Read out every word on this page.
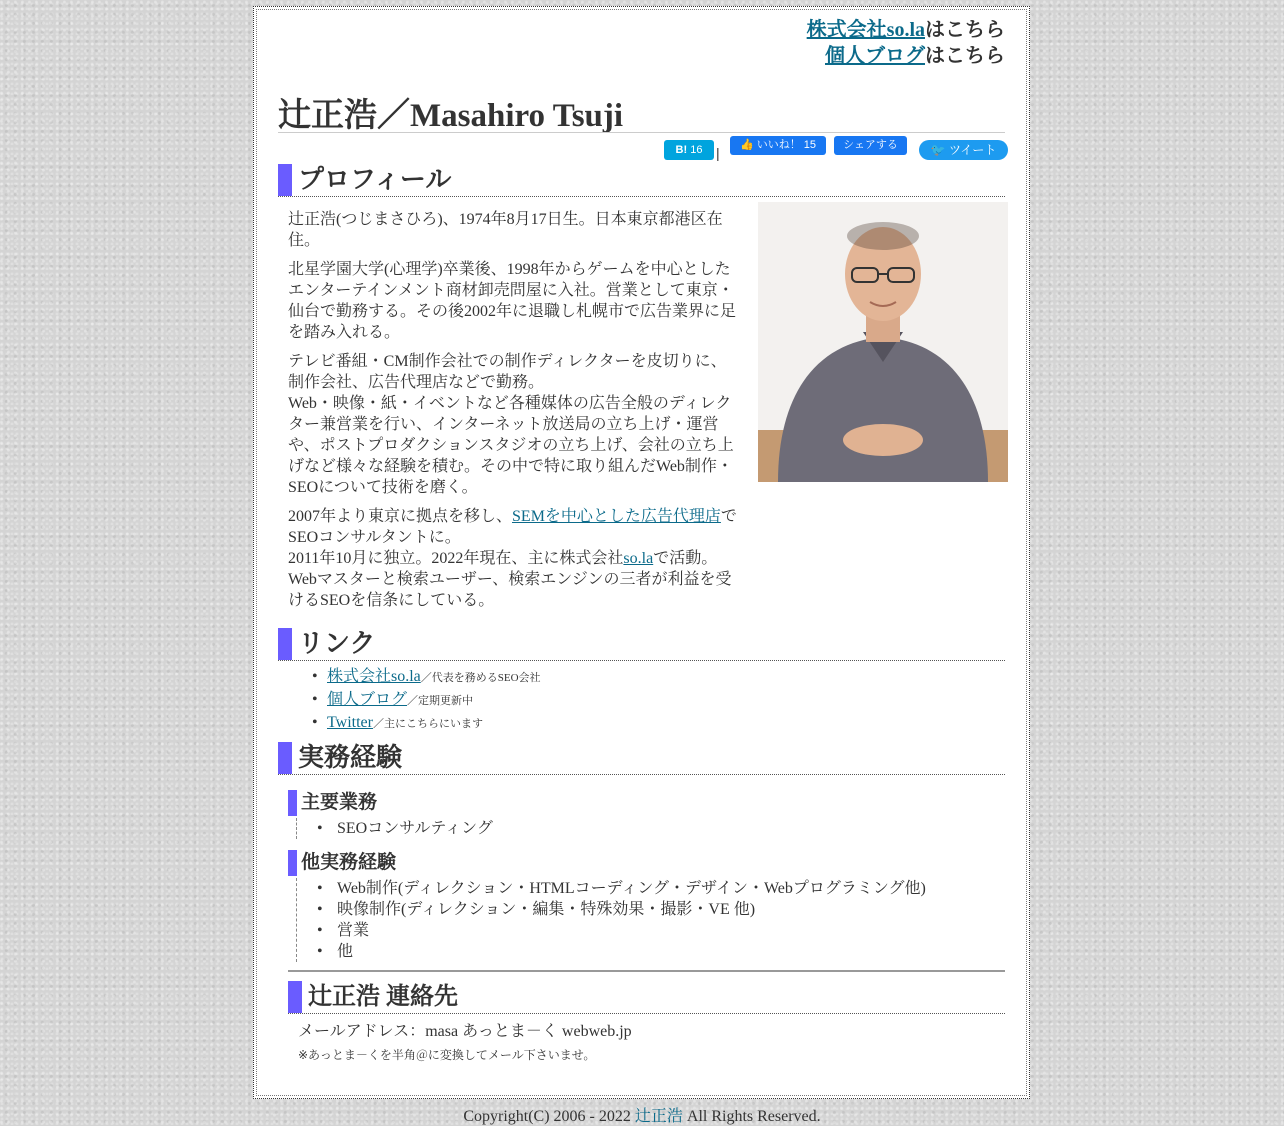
株式会社so.laはこちら
個人ブログはこちら
辻正浩／Masahiro Tsuji
B! 16 |	👍 いいね！ 15	シェアする	🐦 ツイート
プロフィール

辻正浩(つじまさひろ)、1974年8月17日生。日本東京都港区在住。

北星学園大学(心理学)卒業後、1998年からゲームを中心としたエンターテインメント商材卸売問屋に入社。営業として東京・仙台で勤務する。その後2002年に退職し札幌市で広告業界に足を踏み入れる。

テレビ番組・CM制作会社での制作ディレクターを皮切りに、制作会社、広告代理店などで勤務。
Web・映像・紙・イベントなど各種媒体の広告全般のディレクター兼営業を行い、インターネット放送局の立ち上げ・運営や、ポストプロダクションスタジオの立ち上げ、会社の立ち上げなど様々な経験を積む。その中で特に取り組んだWeb制作・SEOについて技術を磨く。

2007年より東京に拠点を移し、SEMを中心とした広告代理店でSEOコンサルタントに。
2011年10月に独立。2022年現在、主に株式会社so.laで活動。
Webマスターと検索ユーザー、検索エンジンの三者が利益を受けるSEOを信条にしている。

リンク
• 株式会社so.la／代表を務めるSEO会社
• 個人ブログ／定期更新中
• Twitter／主にこちらにいます
実務経験
主要業務
• SEOコンサルティング
他実務経験
• Web制作(ディレクション・HTMLコーディング・デザイン・Webプログラミング他)
• 映像制作(ディレクション・編集・特殊効果・撮影・VE 他)
• 営業
• 他
辻正浩 連絡先
メールアドレス：masa あっとま－く webweb.jp
※あっとま－くを半角＠に変換してメール下さいませ。
Copyright(C) 2006 - 2022 辻正浩 All Rights Reserved.
